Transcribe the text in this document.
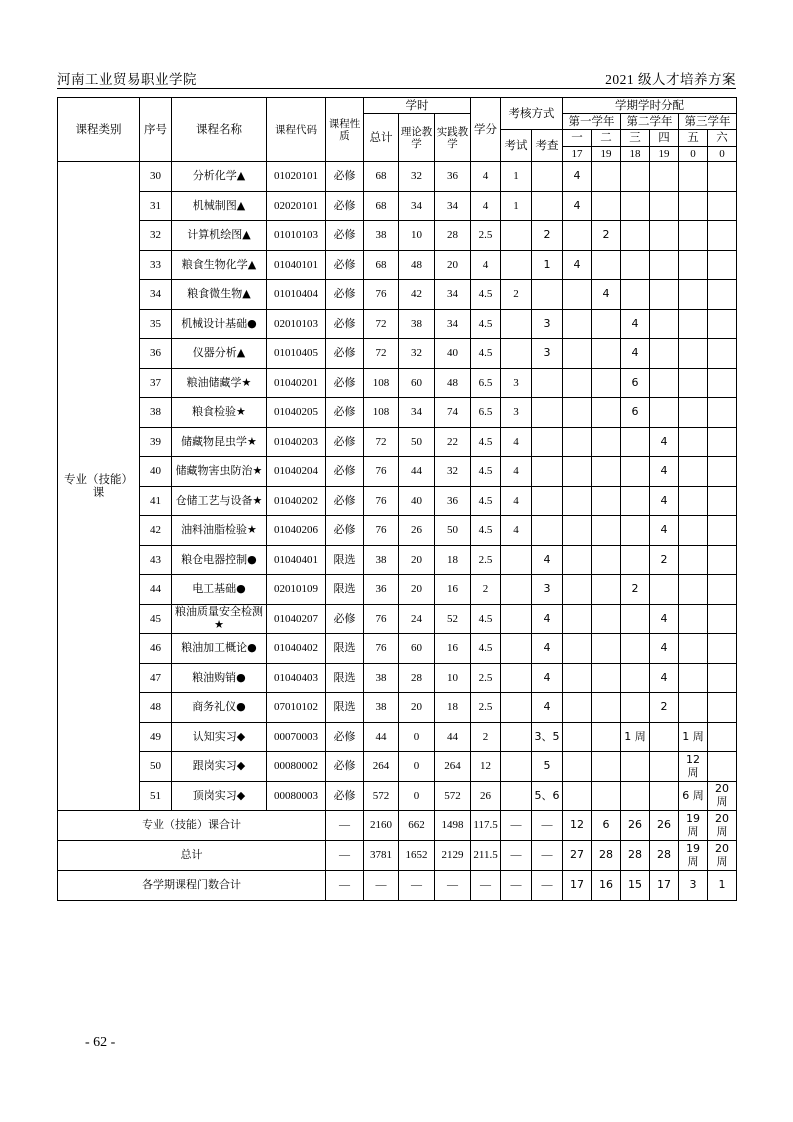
河南工业贸易职业学院	2021 级人才培养方案
课程类别	序号	课程名称	课程代码	课程性质	学时			学分	考核方式		学期学时分配					
					总计	理论教学	实践教学				第一学年		第二学年		第三学年	
									考试	考查	一	二	三	四	五	六
											17	19	18	19	0	0
专业（技能）课	30	分析化学▲	01020101	必修	68	32	36	4	1		4					
	31	机械制图▲	02020101	必修	68	34	34	4	1		4					
	32	计算机绘图▲	01010103	必修	38	10	28	2.5		2		2				
	33	粮食生物化学▲	01040101	必修	68	48	20	4		1	4					
	34	粮食微生物▲	01010404	必修	76	42	34	4.5	2			4				
	35	机械设计基础●	02010103	必修	72	38	34	4.5		3			4			
	36	仪器分析▲	01010405	必修	72	32	40	4.5		3			4			
	37	粮油储藏学★	01040201	必修	108	60	48	6.5	3				6			
	38	粮食检验★	01040205	必修	108	34	74	6.5	3				6			
	39	储藏物昆虫学★	01040203	必修	72	50	22	4.5	4					4		
	40	储藏物害虫防治★	01040204	必修	76	44	32	4.5	4					4		
	41	仓储工艺与设备★	01040202	必修	76	40	36	4.5	4					4		
	42	油料油脂检验★	01040206	必修	76	26	50	4.5	4					4		
	43	粮仓电器控制●	01040401	限选	38	20	18	2.5		4				2		
	44	电工基础●	02010109	限选	36	20	16	2		3			2			
	45	粮油质量安全检测★	01040207	必修	76	24	52	4.5		4				4		
	46	粮油加工概论●	01040402	限选	76	60	16	4.5		4				4		
	47	粮油购销●	01040403	限选	38	28	10	2.5		4				4		
	48	商务礼仪●	07010102	限选	38	20	18	2.5		4				2		
	49	认知实习◆	00070003	必修	44	0	44	2		3、5			1 周		1 周	
	50	跟岗实习◆	00080002	必修	264	0	264	12		5					12 周	
	51	顶岗实习◆	00080003	必修	572	0	572	26		5、6					6 周	20 周
专业（技能）课合计				—	2160	662	1498	117.5	—	—	12	6	26	26	19 周	20 周
总计				—	3781	1652	2129	211.5	—	—	27	28	28	28	19 周	20 周
各学期课程门数合计				—	—	—	—	—	—	—	17	16	15	17	3	1
- 62 -
